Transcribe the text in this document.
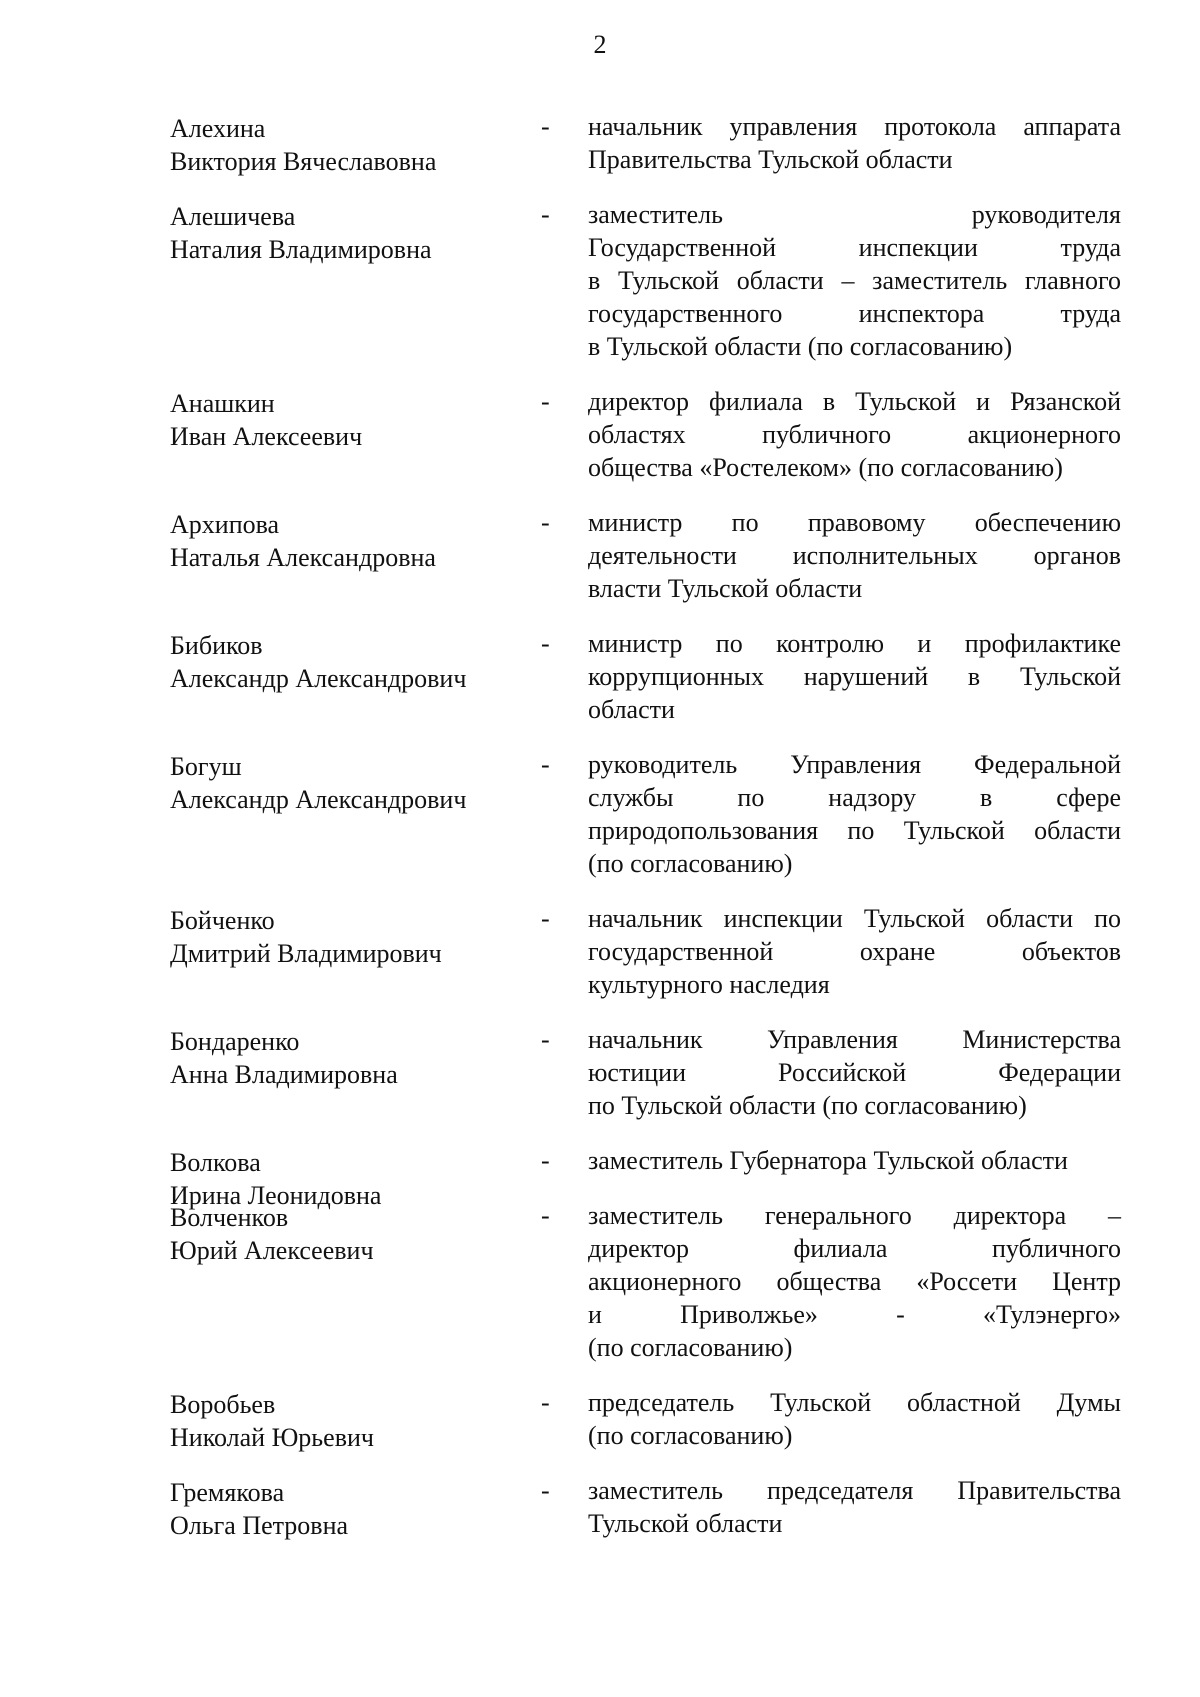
2
Алехина
Виктория Вячеславовна
- начальник управления протокола аппарата
Правительства Тульской области
Алешичева
Наталия Владимировна
- заместитель руководителя
Государственной инспекции труда
в Тульской области – заместитель главного
государственного инспектора труда
в Тульской области (по согласованию)
Анашкин
Иван Алексеевич
- директор филиала в Тульской и Рязанской
областях публичного акционерного
общества «Ростелеком» (по согласованию)
Архипова
Наталья Александровна
- министр по правовому обеспечению
деятельности исполнительных органов
власти Тульской области
Бибиков
Александр Александрович
- министр по контролю и профилактике
коррупционных нарушений в Тульской
области
Богуш
Александр Александрович
- руководитель Управления Федеральной
службы по надзору в сфере
природопользования по Тульской области
(по согласованию)
Бойченко
Дмитрий Владимирович
- начальник инспекции Тульской области по
государственной охране объектов
культурного наследия
Бондаренко
Анна Владимировна
- начальник Управления Министерства
юстиции Российской Федерации
по Тульской области (по согласованию)
Волкова
Ирина Леонидовна
- заместитель Губернатора Тульской области
Волченков
Юрий Алексеевич
- заместитель генерального директора –
директор филиала публичного
акционерного общества «Россети Центр
и Приволжье» - «Тулэнерго»
(по согласованию)
Воробьев
Николай Юрьевич
- председатель Тульской областной Думы
(по согласованию)
Гремякова
Ольга Петровна
- заместитель председателя Правительства
Тульской области
